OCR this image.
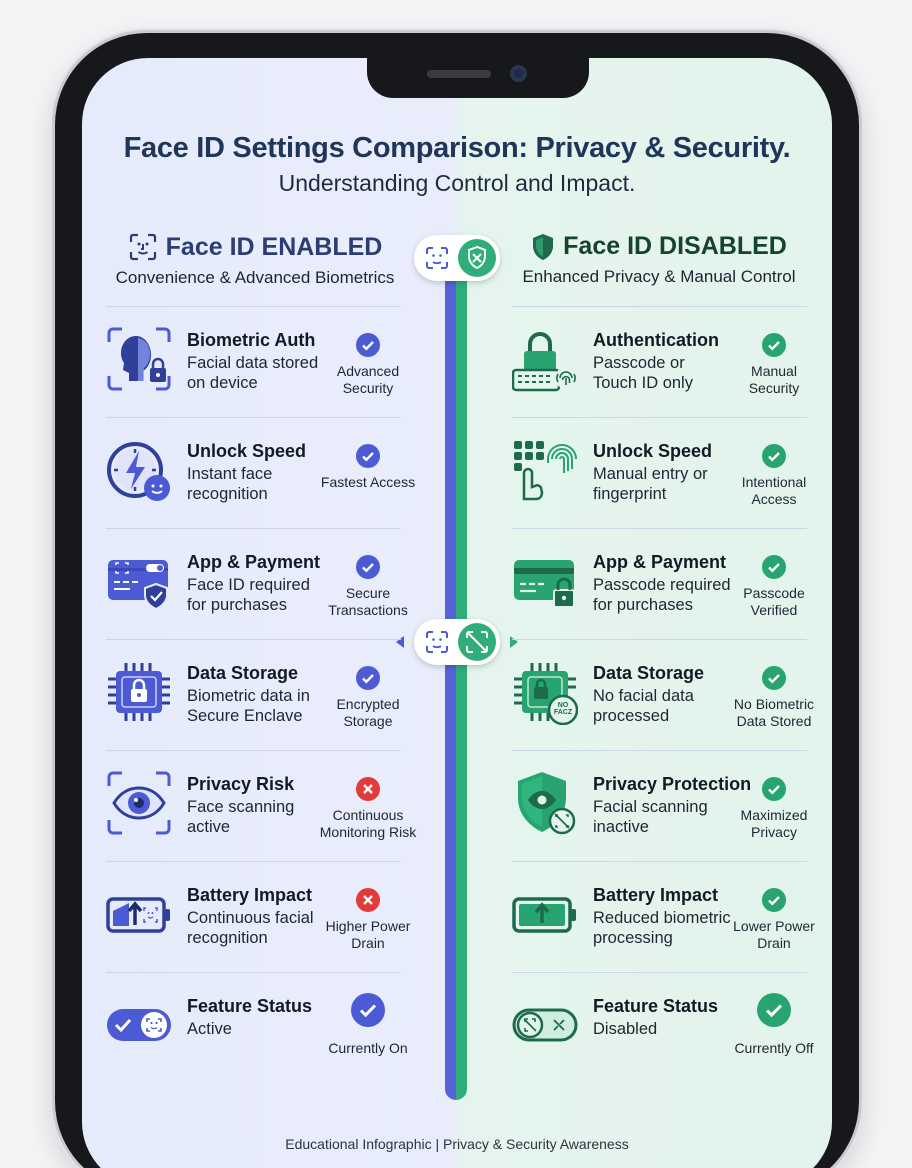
Face ID Settings Comparison: Privacy & Security.
Understanding Control and Impact.
Face ID ENABLED
Convenience & Advanced Biometrics
Face ID DISABLED
Enhanced Privacy & Manual Control
Biometric Auth
Facial data stored on device
Advanced Security
Unlock Speed
Instant face recognition
Fastest Access
App & Payment
Face ID required for purchases
Secure Transactions
Data Storage
Biometric data in Secure Enclave
Encrypted Storage
Privacy Risk
Face scanning active
Continuous Monitoring Risk
Battery Impact
Continuous facial recognition
Higher Power Drain
Feature Status
Active
Currently On
Authentication
Passcode or Touch ID only
Manual Security
Unlock Speed
Manual entry or fingerprint
Intentional Access
App & Payment
Passcode required for purchases
Passcode Verified
NO FACZ
Data Storage
No facial data processed
No Biometric Data Stored
Privacy Protection
Facial scanning inactive
Maximized Privacy
Battery Impact
Reduced biometric processing
Lower Power Drain
Feature Status
Disabled
Currently Off
Educational Infographic | Privacy & Security Awareness
